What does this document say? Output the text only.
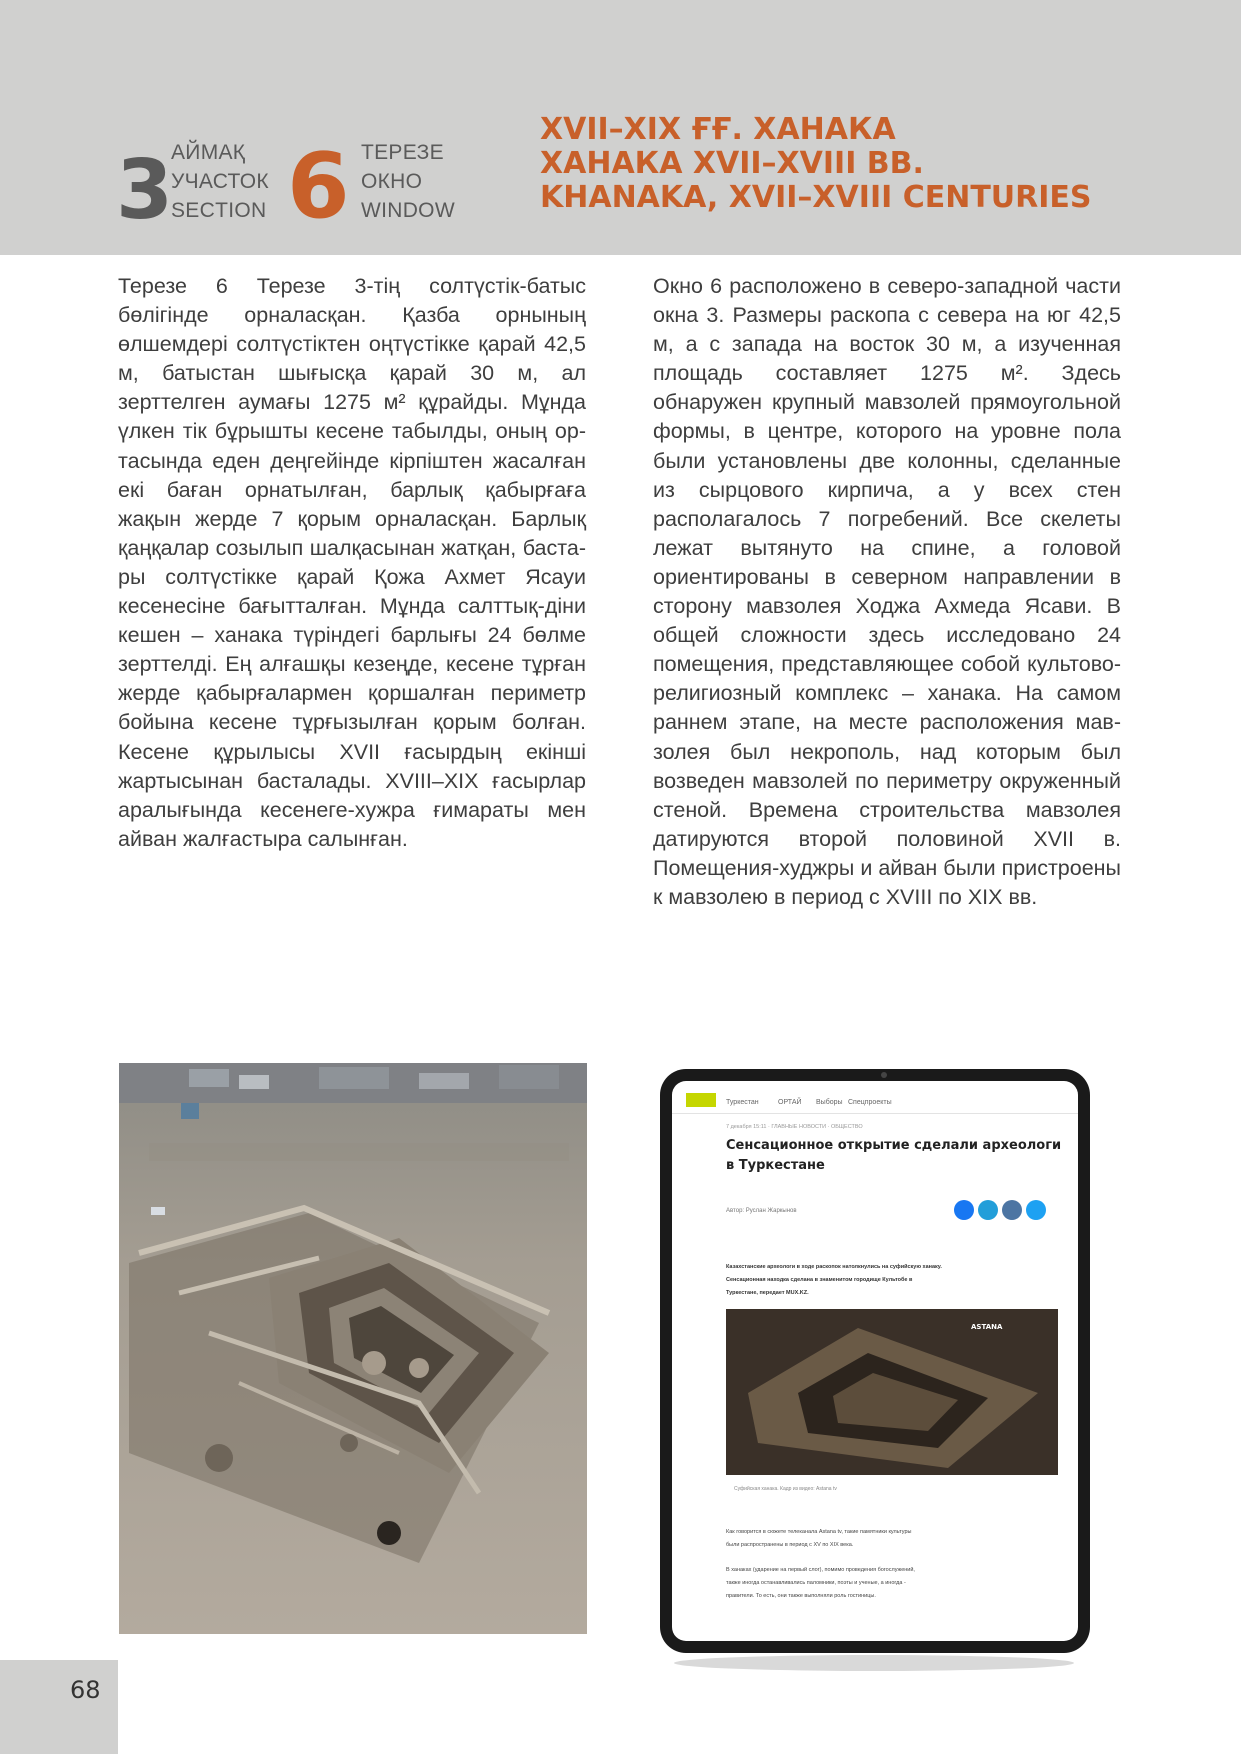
3
АЙМАҚ
УЧАСТОК
SECTION 6 ТЕРЕЗЕ
ОКНО
WINDOW
XVII–XIX ҒҒ. ХАНАКА
ХАНАКА XVII–XVIII ВВ.
KHANAKA, XVII–XVIII CENTURIES

Терезе 6 Терезе 3-тің солтүстік-батыс бөлігінде орналасқан. Қазба орнының өлшемдері солтүстіктен оңтүстікке қарай 42,5 м, батыстан шығысқа қарай 30 м, ал зерттелген аумағы 1275 м² құрайды. Мұнда үлкен тік бұрышты кесене табылды, оның ортасында еден деңгейінде кірпіштен жасалған екі баған орнатылған, барлық қабырғаға жақын жерде 7 қорым орналасқан. Барлық қаңқалар созылып шалқасынан жатқан, бастары солтүстікке қарай Қожа Ахмет Ясауи кесенесіне бағытталған. Мұнда салттық-діни кешен – ханака түріндегі барлығы 24 бөлме зерттелді. Ең алғашқы кезеңде, кесене тұрған жерде қабырғалармен қоршалған периметр бойына кесене тұрғызылған қорым болған. Кесене құрылысы XVII ғасырдың екінші жартысынан басталады. XVIII–XIX ғасырлар аралығында кесенеге-хужра ғимараты мен айван жалғастыра салынған.

Окно 6 расположено в северо-западной части окна 3. Размеры раскопа с севера на юг 42,5 м, а с запада на восток 30 м, а изученная площадь составляет 1275 м². Здесь обнаружен крупный мавзолей прямоугольной формы, в центре, которого на уровне пола были установлены две колонны, сделанные из сырцового кирпича, а у всех стен располагалось 7 погребений. Все скелеты лежат вытянуто на спине, а головой ориентированы в северном направлении в сторону мавзолея Ходжа Ахмеда Ясави. В общей сложности здесь исследовано 24 помещения, представляющее собой культово-религиозный комплекс – ханака. На самом раннем этапе, на месте расположения мавзолея был некрополь, над которым был возведен мавзолей по периметру окруженный стеной. Времена строительства мавзолея датируются второй половиной XVII в. Помещения-худжры и айван были пристроены к мавзолею в период с XVIII по XIX вв.

Туркестан	ОРТАЙ Выборы Спецпроекты
7 декабря 15:11 · ГЛАВНЫЕ НОВОСТИ · ОБЩЕСТВО
Сенсационное открытие сделали археологи
в Туркестане
Автор: Руслан Жаркынов
Казахстанские археологи в ходе раскопок натолкнулись на суфийскую ханаку.
Сенсационная находка сделана в знаменитом городище Культобе в
Туркестане, передает MUX.KZ.
ASTANA
Суфийская ханака. Кадр из видео: Astana tv
Как говорится в сюжете телеканала Astana tv, такие памятники культуры
были распространены в период с XV по XIX века.
В ханаках (ударение на первый слог), помимо проведения богослужений,
также иногда останавливались паломники, поэты и ученые, а иногда -
правители. То есть, они также выполняли роль гостиницы.
68
